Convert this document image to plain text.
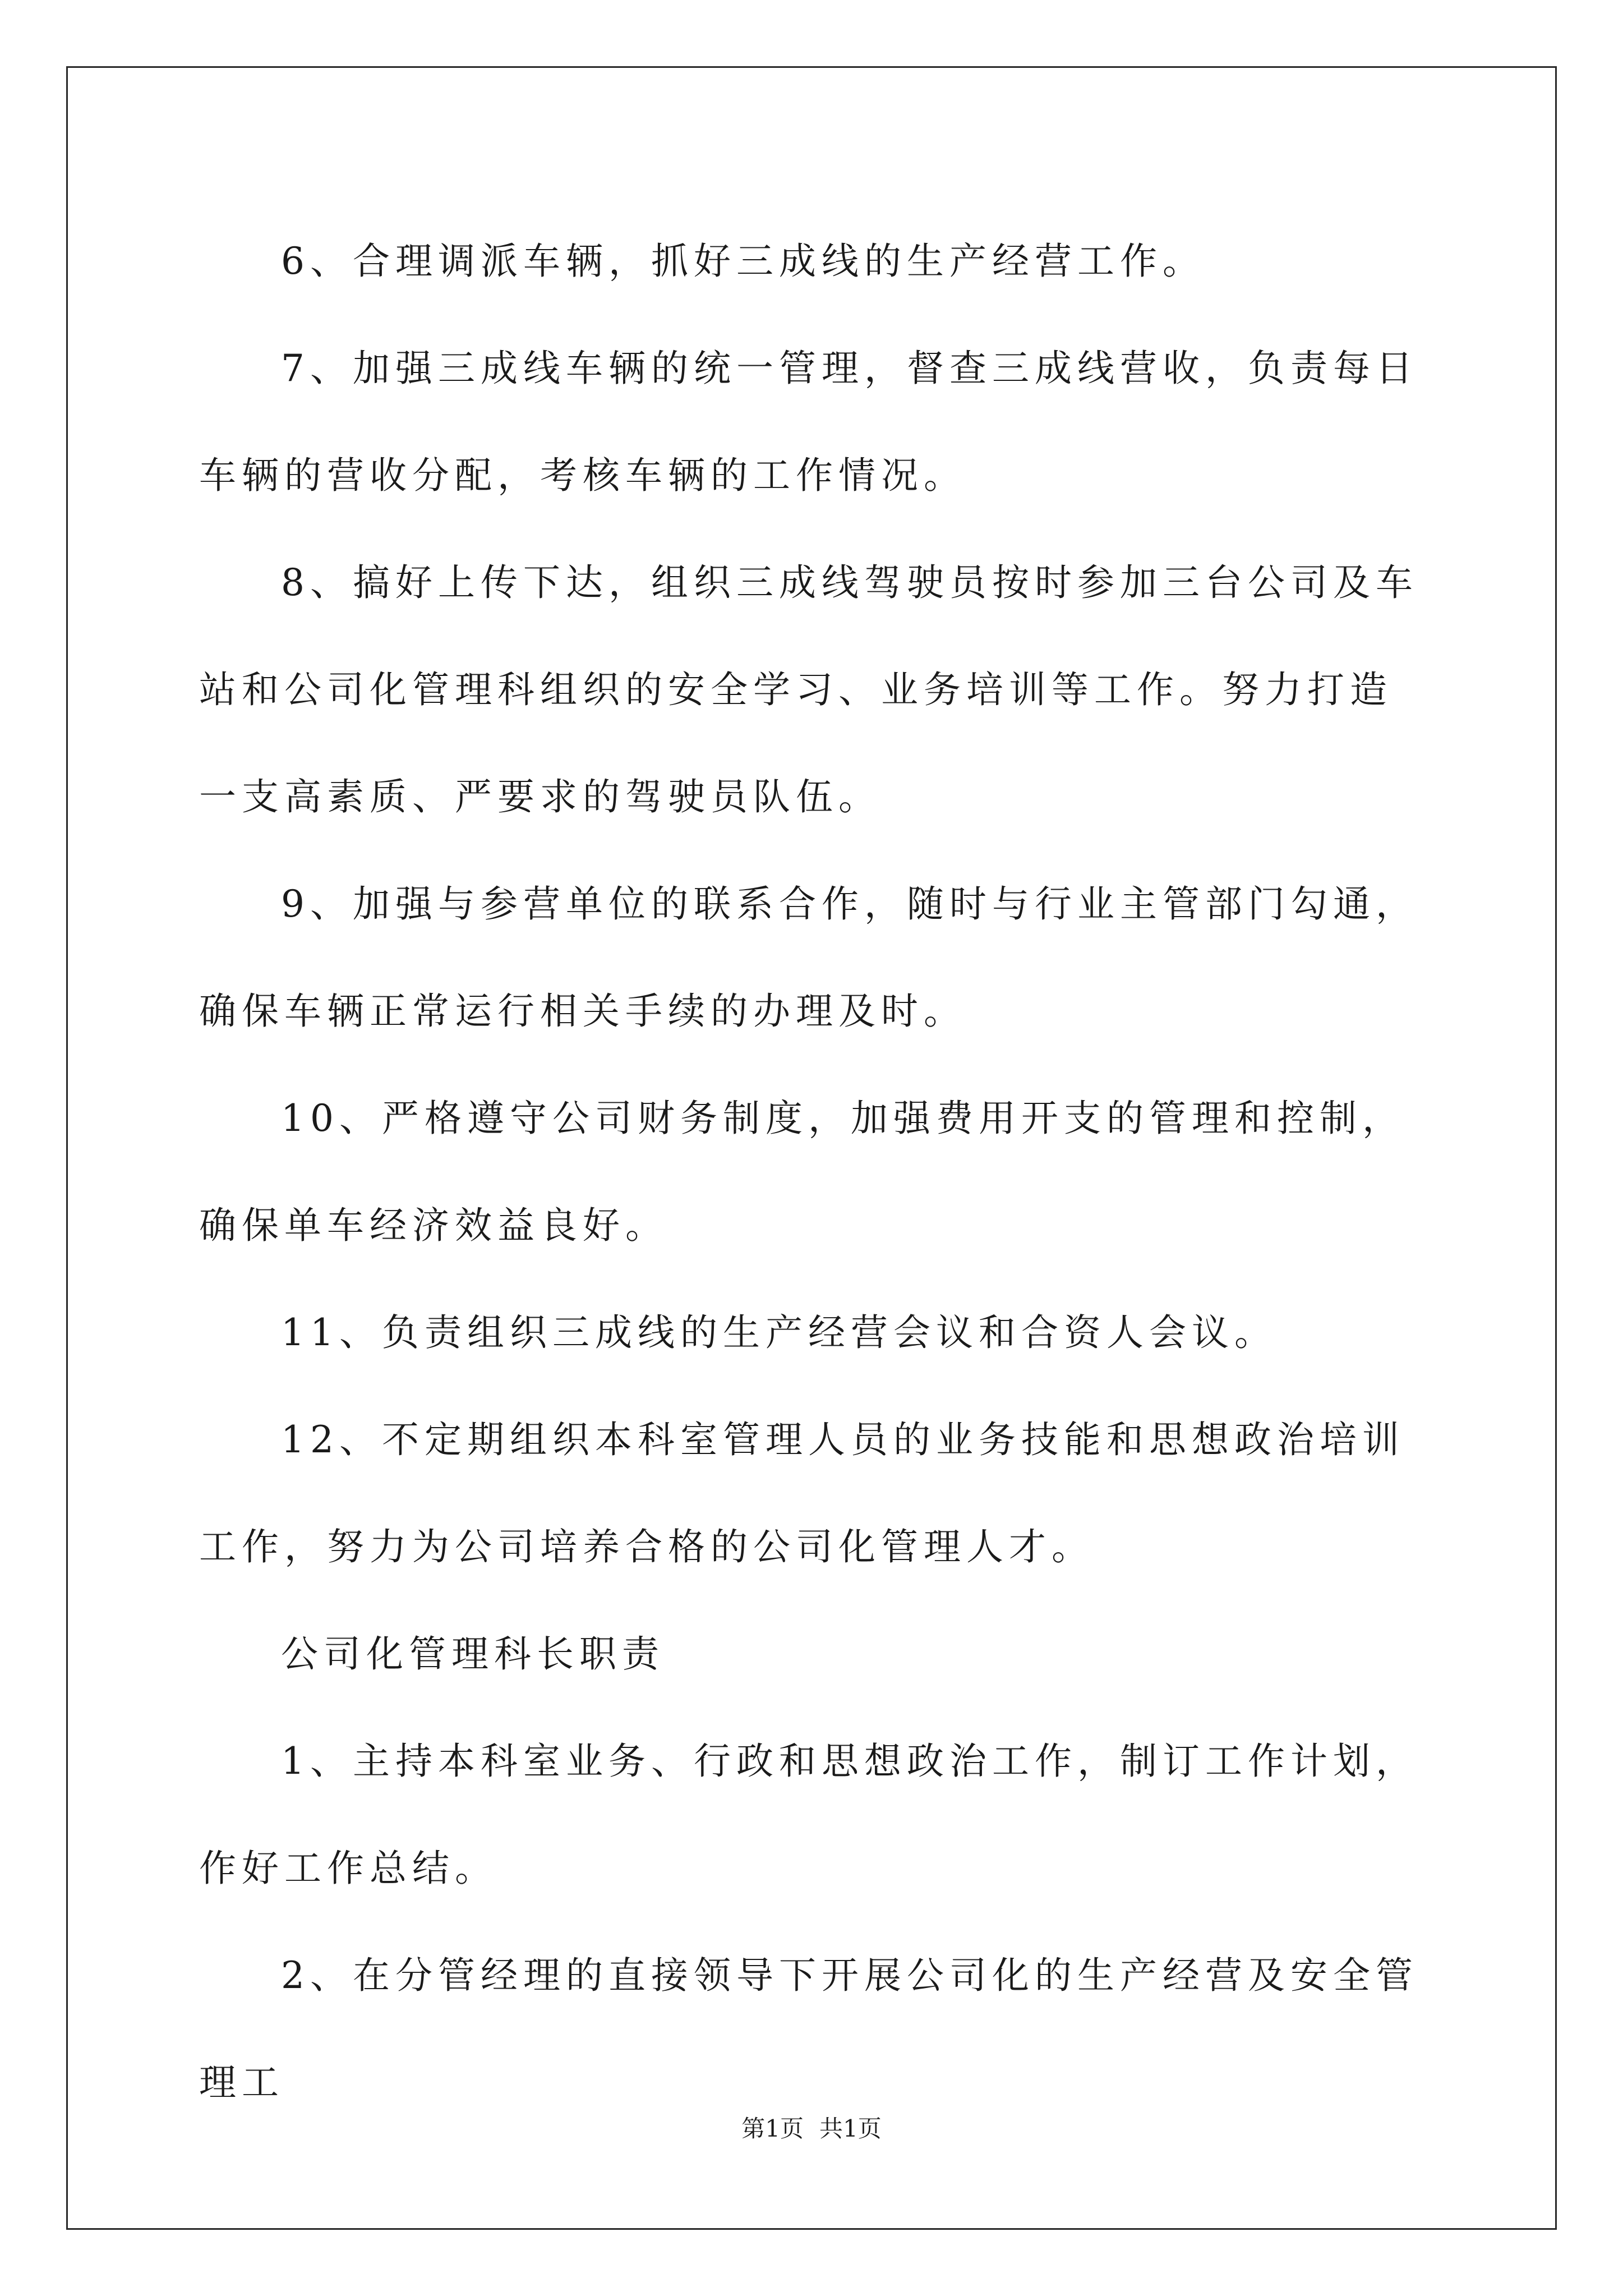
6、合理调派车辆，抓好三成线的生产经营工作。

7、加强三成线车辆的统一管理，督查三成线营收，负责每日车辆的营收分配，考核车辆的工作情况。

8、搞好上传下达，组织三成线驾驶员按时参加三台公司及车站和公司化管理科组织的安全学习、业务培训等工作。努力打造一支高素质、严要求的驾驶员队伍。

9、加强与参营单位的联系合作，随时与行业主管部门勾通，确保车辆正常运行相关手续的办理及时。

10、严格遵守公司财务制度，加强费用开支的管理和控制，确保单车经济效益良好。

11、负责组织三成线的生产经营会议和合资人会议。

12、不定期组织本科室管理人员的业务技能和思想政治培训工作，努力为公司培养合格的公司化管理人才。

公司化管理科长职责

1、主持本科室业务、行政和思想政治工作，制订工作计划，作好工作总结。

2、在分管经理的直接领导下开展公司化的生产经营及安全管理工

第1页 共1页
